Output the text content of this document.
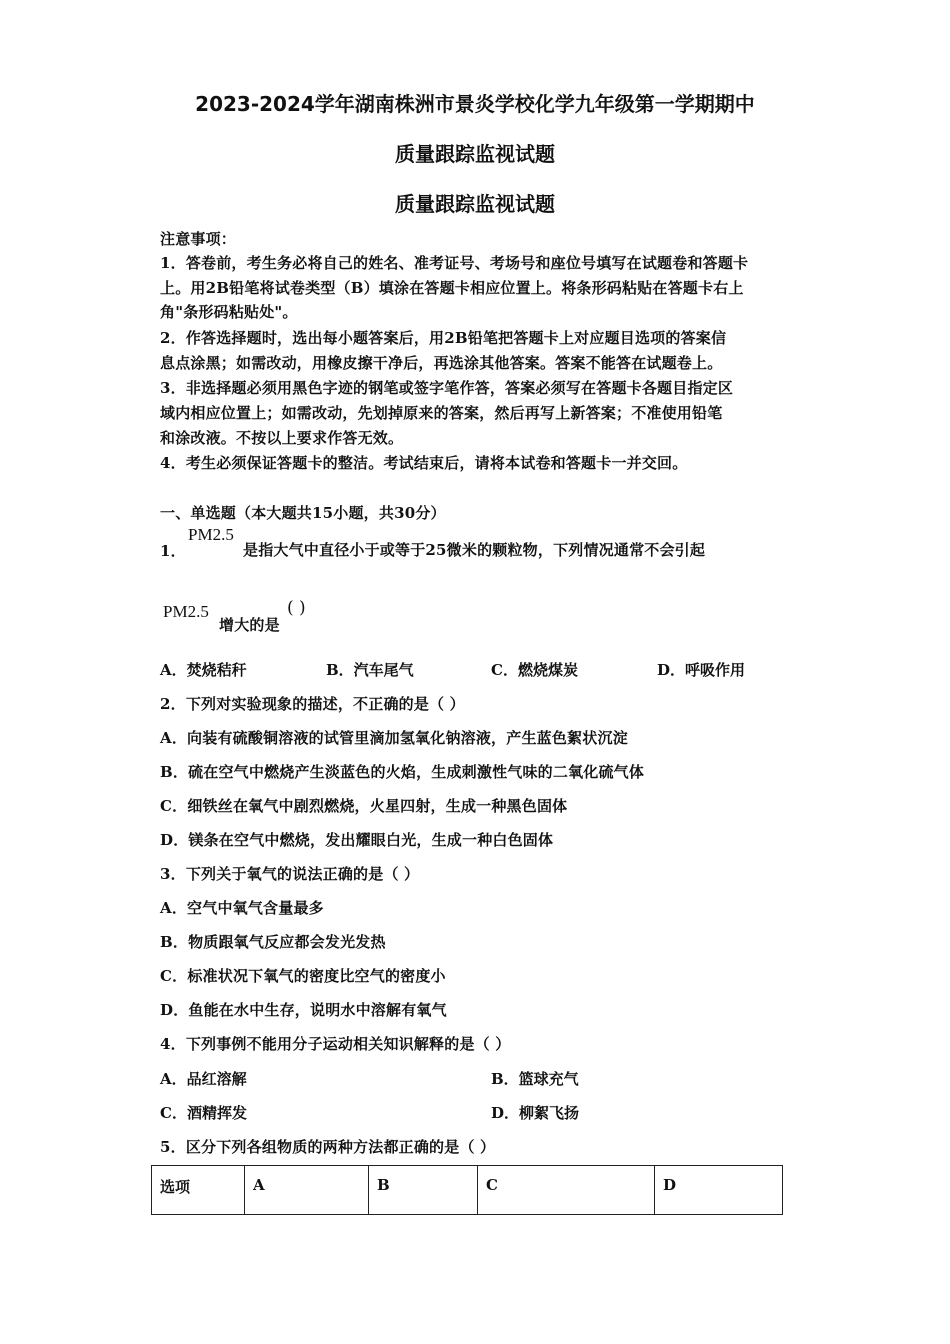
2023-2024学年湖南株洲市景炎学校化学九年级第一学期期中
质量跟踪监视试题
质量跟踪监视试题
注意事项：
1．答卷前，考生务必将自己的姓名、准考证号、考场号和座位号填写在试题卷和答题卡
上。用2B铅笔将试卷类型（B）填涂在答题卡相应位置上。将条形码粘贴在答题卡右上
角"条形码粘贴处"。
2．作答选择题时，选出每小题答案后，用2B铅笔把答题卡上对应题目选项的答案信
息点涂黑；如需改动，用橡皮擦干净后，再选涂其他答案。答案不能答在试题卷上。
3．非选择题必须用黑色字迹的钢笔或签字笔作答，答案必须写在答题卡各题目指定区
域内相应位置上；如需改动，先划掉原来的答案，然后再写上新答案；不准使用铅笔
和涂改液。不按以上要求作答无效。
4．考生必须保证答题卡的整洁。考试结束后，请将本试卷和答题卡一并交回。
一、单选题（本大题共15小题，共30分）
1．
PM2.5
是指大气中直径小于或等于25微米的颗粒物，下列情况通常不会引起
PM2.5
增大的是
( )
A．焚烧秸秆	B．汽车尾气	C．燃烧煤炭	D．呼吸作用
2．下列对实验现象的描述，不正确的是（ ）
A．向装有硫酸铜溶液的试管里滴加氢氧化钠溶液，产生蓝色絮状沉淀
B．硫在空气中燃烧产生淡蓝色的火焰，生成刺激性气味的二氧化硫气体
C．细铁丝在氧气中剧烈燃烧，火星四射，生成一种黑色固体
D．镁条在空气中燃烧，发出耀眼白光，生成一种白色固体
3．下列关于氧气的说法正确的是（ ）
A．空气中氧气含量最多
B．物质跟氧气反应都会发光发热
C．标准状况下氧气的密度比空气的密度小
D．鱼能在水中生存，说明水中溶解有氧气
4．下列事例不能用分子运动相关知识解释的是（ ）
A．品红溶解	B．篮球充气
C．酒精挥发	D．柳絮飞扬
5．区分下列各组物质的两种方法都正确的是（ ）
选项	A	B	C	D
